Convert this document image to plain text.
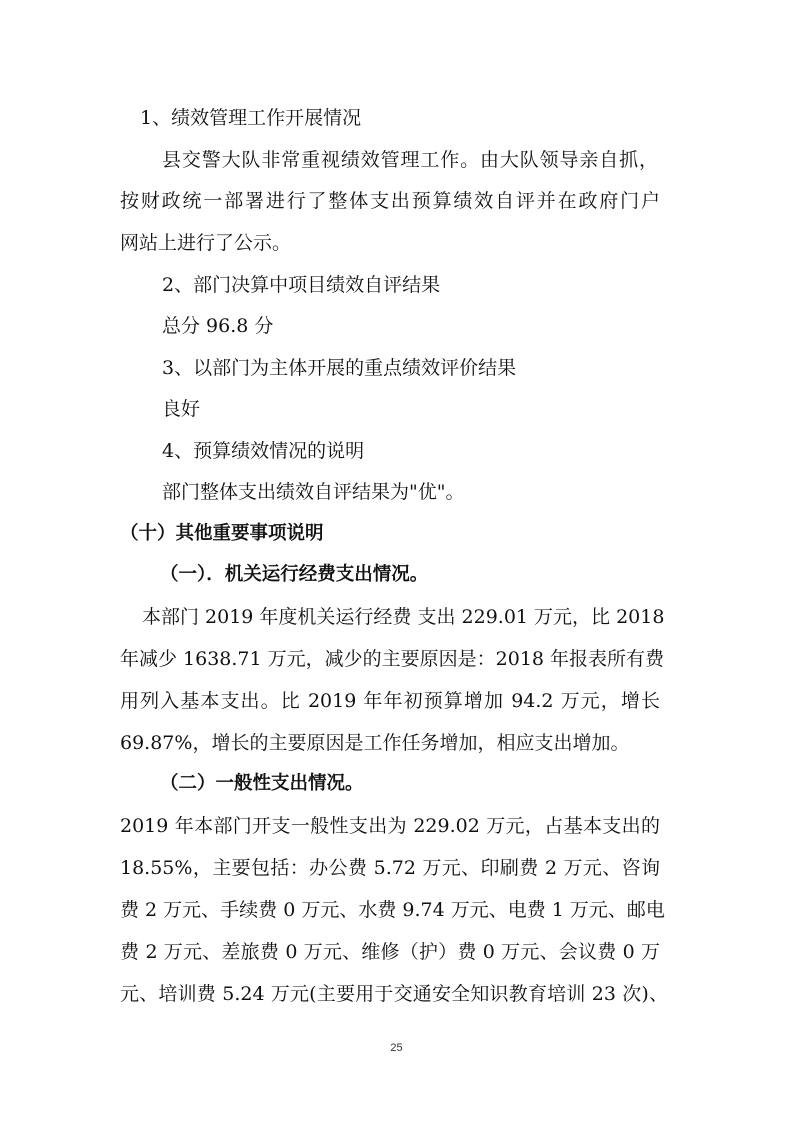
1、绩效管理工作开展情况
县交警大队非常重视绩效管理工作。由大队领导亲自抓，
按财政统一部署进行了整体支出预算绩效自评并在政府门户
网站上进行了公示。
2、部门决算中项目绩效自评结果
总分 96.8 分
3、以部门为主体开展的重点绩效评价结果
良好
4、预算绩效情况的说明
部门整体支出绩效自评结果为"优"。
（十）其他重要事项说明
（一）．机关运行经费支出情况。
本部门 2019 年度机关运行经费 支出 229.01 万元，比 2018
年减少 1638.71 万元，减少的主要原因是：2018 年报表所有费
用列入基本支出。比 2019 年年初预算增加 94.2 万元，增长
69.87%，增长的主要原因是工作任务增加，相应支出增加。
（二）一般性支出情况。
2019 年本部门开支一般性支出为 229.02 万元，占基本支出的
18.55%，主要包括：办公费 5.72 万元、印刷费 2 万元、咨询
费 2 万元、手续费 0 万元、水费 9.74 万元、电费 1 万元、邮电
费 2 万元、差旅费 0 万元、维修（护）费 0 万元、会议费 0 万
元、培训费 5.24 万元(主要用于交通安全知识教育培训 23 次)、
25
